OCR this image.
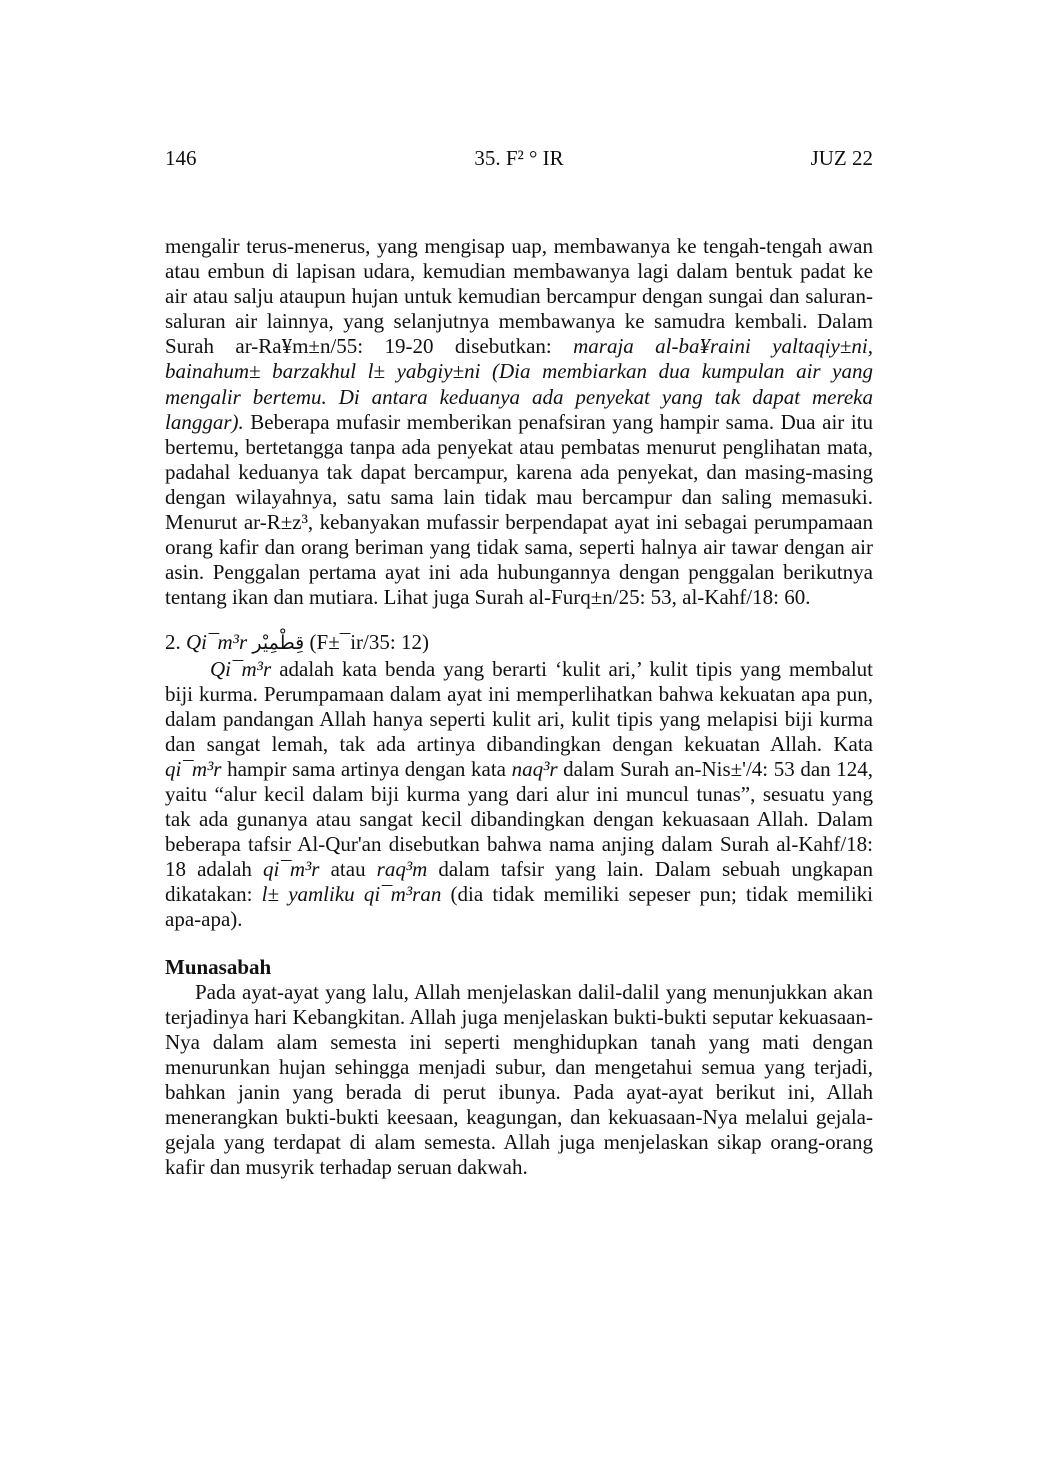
146	35. F² ° IR	JUZ 22

mengalir terus-menerus, yang mengisap uap, membawanya ke tengah-tengah awan atau embun di lapisan udara, kemudian membawanya lagi dalam bentuk padat ke air atau salju ataupun hujan untuk kemudian bercampur dengan sungai dan saluran-saluran air lainnya, yang selanjutnya membawanya ke samudra kembali. Dalam Surah ar-Ra¥m±n/55: 19-20 disebutkan: maraja al-ba¥raini yaltaqiy±ni, bainahum± barzakhul l± yabgiy±ni (Dia membiarkan dua kumpulan air yang mengalir bertemu. Di antara keduanya ada penyekat yang tak dapat mereka langgar). Beberapa mufasir memberikan penafsiran yang hampir sama. Dua air itu bertemu, bertetangga tanpa ada penyekat atau pembatas menurut penglihatan mata, padahal keduanya tak dapat bercampur, karena ada penyekat, dan masing-masing dengan wilayahnya, satu sama lain tidak mau bercampur dan saling memasuki. Menurut ar-R±z³, kebanyakan mufassir berpendapat ayat ini sebagai perumpamaan orang kafir dan orang beriman yang tidak sama, seperti halnya air tawar dengan air asin. Penggalan pertama ayat ini ada hubungannya dengan penggalan berikutnya tentang ikan dan mutiara. Lihat juga Surah al-Furq±n/25: 53, al-Kahf/18: 60.

2. Qi¯m³r قِطْمِيْر (F±¯ir/35: 12)

Qi¯m³r adalah kata benda yang berarti ‘kulit ari,’ kulit tipis yang membalut biji kurma. Perumpamaan dalam ayat ini memperlihatkan bahwa kekuatan apa pun, dalam pandangan Allah hanya seperti kulit ari, kulit tipis yang melapisi biji kurma dan sangat lemah, tak ada artinya dibandingkan dengan kekuatan Allah. Kata qi¯m³r hampir sama artinya dengan kata naq³r dalam Surah an-Nis±'/4: 53 dan 124, yaitu “alur kecil dalam biji kurma yang dari alur ini muncul tunas”, sesuatu yang tak ada gunanya atau sangat kecil dibandingkan dengan kekuasaan Allah. Dalam beberapa tafsir Al-Qur'an disebutkan bahwa nama anjing dalam Surah al-Kahf/18: 18 adalah qi¯m³r atau raq³m dalam tafsir yang lain. Dalam sebuah ungkapan dikatakan: l± yamliku qi¯m³ran (dia tidak memiliki sepeser pun; tidak memiliki apa-apa).

Munasabah

Pada ayat-ayat yang lalu, Allah menjelaskan dalil-dalil yang menunjukkan akan terjadinya hari Kebangkitan. Allah juga menjelaskan bukti-bukti seputar kekuasaan-Nya dalam alam semesta ini seperti menghidupkan tanah yang mati dengan menurunkan hujan sehingga menjadi subur, dan mengetahui semua yang terjadi, bahkan janin yang berada di perut ibunya. Pada ayat-ayat berikut ini, Allah menerangkan bukti-bukti keesaan, keagungan, dan kekuasaan-Nya melalui gejala-gejala yang terdapat di alam semesta. Allah juga menjelaskan sikap orang-orang kafir dan musyrik terhadap seruan dakwah.
